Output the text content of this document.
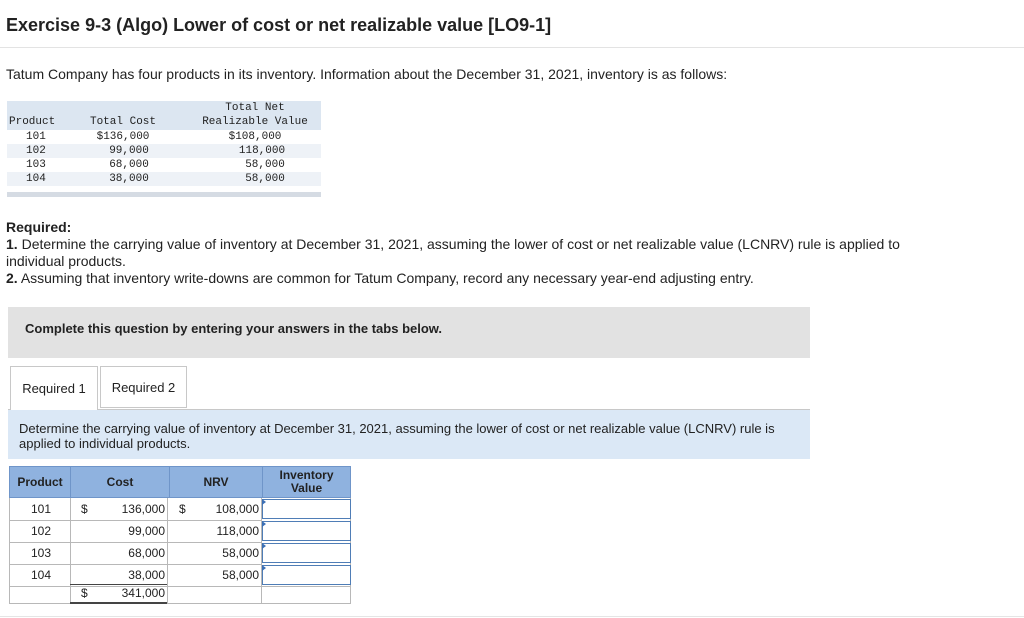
Exercise 9-3 (Algo) Lower of cost or net realizable value [LO9-1]

Tatum Company has four products in its inventory. Information about the December 31, 2021, inventory is as follows:

Product	Total Cost
Total Net
Realizable Value
101	$136,000	$108,000
102	99,000	118,000
103	68,000	58,000
104	38,000	58,000

Required:

1. Determine the carrying value of inventory at December 31, 2021, assuming the lower of cost or net realizable value (LCNRV) rule is applied to individual products.
2. Assuming that inventory write-downs are common for Tatum Company, record any necessary year-end adjusting entry.
Complete this question by entering your answers in the tabs below.
Required 1	Required 2
Determine the carrying value of inventory at December 31, 2021, assuming the lower of cost or net realizable value (LCNRV) rule is applied to individual products.
Product	Cost	NRV	Inventory
Value
101 $	136,000 $	108,000
102	99,000	118,000
103	68,000	58,000
104	38,000	58,000
$	341,000
